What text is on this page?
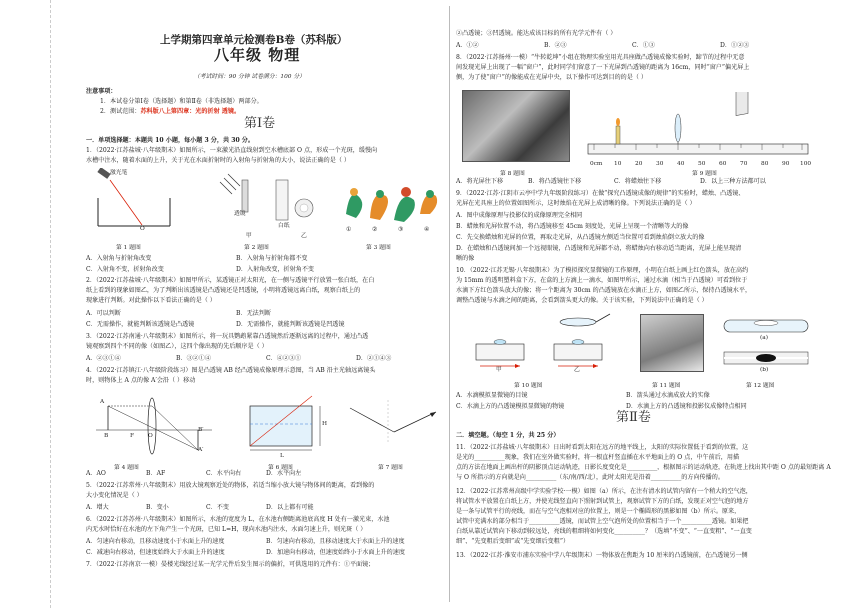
上学期第四章单元检测卷B卷（苏科版）
八年级 物理
（考试时间：90 分钟 试卷满分：100 分）
注意事项：
1．本试卷分第Ⅰ卷（选择题）和第Ⅱ卷（非选择题）两部分。
2．测试范围：苏科版八上第四章：光的折射 透镜。
第Ⅰ卷
一．单项选择题：本题共 10 小题，每小题 3 分，共 30 分。
1．（2022·江苏盐城·八年级期末）如图所示，一束激光沿直线射到空水槽底部 O 点，形成一个光斑，缓慢向
水槽中注水，随着水面的上升，关于光在水面折射时的入射角与折射角的大小，说法正确的是（ ）
激光笔
O
透镜
白纸
甲	乙
①	②	③	④
第 1 题图	第 2 题图	第 3 题图
A．入射角与折射角改变	B．入射角与折射角都不变
C．入射角不变，折射角改变	D．入射角改变，折射角不变
2．（2022·江苏盐城·八年级期末）如图甲所示，某透镜正对太阳光，在一侧与透镜平行放置一张白纸，在白
纸上看到的现象如图乙，为了判断出该透镜是凸透镜还是凹透镜，小明将透镜远离白纸，观察白纸上的
现象进行判断。对此操作以下看法正确的是（ ）
A．可以判断	B．无法判断
C．无需操作，就能判断该透镜是凸透镜	D．无需操作，就能判断该透镜是凹透镜
3．（2022·江苏南通·八年级期末）如图所示，将一玩具鹦鹉紧靠凸透镜然后逐渐远离的过程中，通过凸透
镜观察到四个不同的像（如图乙），这四个像出现的先后顺序是（ ）
A．②③①④	B．③②①④	C．④②③①	D．②①④③
4．（2022·江苏镇江·八年级阶段练习）图是凸透镜 AB 经凸透镜成像原理示意图，当 AB 沿主光轴远离镜头
时，则物体上 A 点的像 A′会沿（ ）移动
A
B	F O
B′
A′
H
L
第 4 题图	第 6 题图	第 7 题图
A．AO	B．AF	C．水平向右	D．水平向左
5．（2022·江苏常州·八年级期末）用放大镜观察近处的物体，若适当缩小放大镜与物体间的距离，看到像的
大小变化情况是（ ）
A．增大	B．变小	C．不变	D．以上都有可能
6．（2022·江苏苏州·八年级期末）如图所示，水池的宽度为 L，在水池右侧距离池底高度 H 处有一激光束，水池
内无水时恰好在水池的左下角产生一个光斑，已知 L=H，现向水池内注水，水面匀速上升，则光斑（ ）
A．匀速向右移动，且移动速度小于水面上升的速度	B．匀速向右移动，且移动速度大于水面上升的速度
C．减速向右移动，但速度始终大于水面上升的速度	D．加速向右移动，但速度始终小于水面上升的速度
7．（2022·江苏南京·一模）晏楼光线经过某一光学元件后发生图示的偏折，可供选用的元件有：①平面镜；
②凸透镜；③凹透镜。能达成该目标的所有光学元件有（ ）
A．①②	B．②③	C．①③	D．①②③
8．（2022·江苏扬州·一模）“牛转乾坤”小组在物理实验室用光具座做凸透镜成像实验时，蹄节的过程中无意
间发现光屏上出现了一幅“窗户”，此时同学们留意了一下光屏到凸透镜的距离为 16cm，同时“窗户”偏光屏上
侧，为了使“窗户”的像能成在光屏中央，以下操作可达到目的的是（ ）
0cm 10 20 30 40 50 60 70 80 90 100
第 8 题图	第 9 题图
A．将光屏往下移	B．将凸透镜往下移	C．将蜡烛往下移	D．以上三种方法都可以
9．（2022·江苏·江阴市云亭中学九年级阶段练习）在做“探究凸透镜成像的规律”的实验时，蜡烛、凸透镜、
光屏在光具座上的位置如图所示，这时烛焰在光屏上成清晰的像。下列说法正确的是（ ）
A．图中成像原理与投影仪的成像原理完全相同
B．蜡烛和光屏位置不动，将凸透镜移至 45cm 刻度处，光屏上呈现一个清晰等大的像
C．先交换蜡烛和光屏的位置，再取走光屏，从凸透镜左侧适当位置可看到烛焰倒立放大的像
D．在蜡烛和凸透镜间加一个远视眼镜，凸透镜和光屏都不动，将蜡烛向右移动适当距离，光屏上能呈现清
晰的像
10．（2022·江苏无锡·八年级期末）为了模拟探究显微镜的工作原理，小明在白纸上画上红色箭头，放在高约
为 15mm 的透明塑料盒下方，在盒的上方滴上一滴水，如图甲所示，通过水滴（相当于凸透镜）可看到位于
水滴下方红色箭头放大的像；将一个距离为 30cm 的凸透镜放在水滴正上方，如图乙所示，保持凸透镜水平，
调整凸透镜与水滴之间的距离，会看到箭头更大的像。关于该实验，下列说法中正确的是（ ）
甲	乙
(a)
(b)
第 10 题图	第 11 题图	第 12 题图
A．水滴模拟显微镜的目镜	B．箭头通过水滴成放大的实像
C．水滴上方的凸透镜模拟显微镜的物镜	D．水滴上方的凸透镜和投影仪成像特点相同
第Ⅱ卷
二．填空题。（每空 1 分，共 25 分）
11．（2022·江苏盐城·八年级期末）日出时看到太阳在远方的地平线上，太阳的实际位置低于看到的位置，这
是光的__________现象，我们在室外做实验时，将一根直杆竖直插在水平地面上的 O 点，中午前后，用描
点的方法在地面上画出杆的阴影顶点运动轨迹，日影长度变化是__________，根据图示的运动轨迹，在轨迹上找出其中距 O 点的最短距离 A
与 O 所指示的方向就是向__________（东/南/西/北），此时太阳光是沿着__________的方向传播的。
12．（2022·江苏常州高级中学实验学校·一模）如图（a）所示，在注有清水的试管内留有一个稍大的空气泡，
将试管水平放置在白纸上方，并使光线竖直向下照射到试管上，观察试管下方的白纸，发现正对空气泡的地方
是一条与试管平行的亮线，而在与空气泡相对应的位置上，则是一个椭圆形的黑影如图（b）所示。原来，
试管中充满水的部分相当于__________透镜，而试管上空气泡所处的位置相当于一个__________透镜。如果把
白纸从靠近试管向下移动到较远处，亮线的粗细将如何变化__________？（选填“不变”、“一直变粗”、“一直变
细”、“先变粗后变细”或“先变细后变粗”）
13．（2022·江苏·淮安市浦东实验中学八年级期末）一物体放在焦距为 10 厘米的凸透镜前，在凸透镜另一侧
